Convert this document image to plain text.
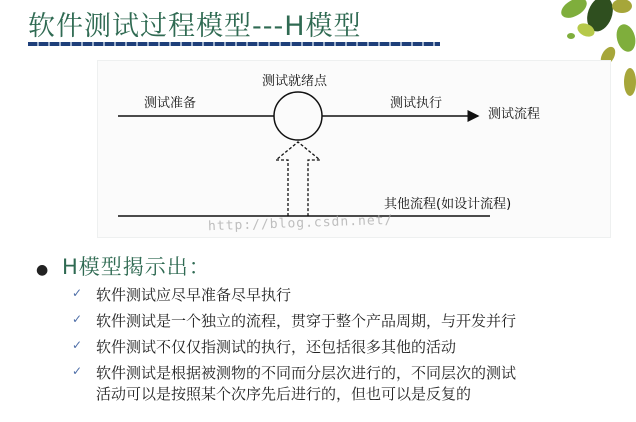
软件测试过程模型---H模型
测试就绪点
测试准备	测试执行
测试流程
其他流程(如设计流程)
http://blog.csdn.net/
● H模型揭示出：
✓ 软件测试应尽早准备尽早执行
✓ 软件测试是一个独立的流程，贯穿于整个产品周期，与开发并行
✓ 软件测试不仅仅指测试的执行，还包括很多其他的活动
✓ 软件测试是根据被测物的不同而分层次进行的，不同层次的测试
活动可以是按照某个次序先后进行的，但也可以是反复的
